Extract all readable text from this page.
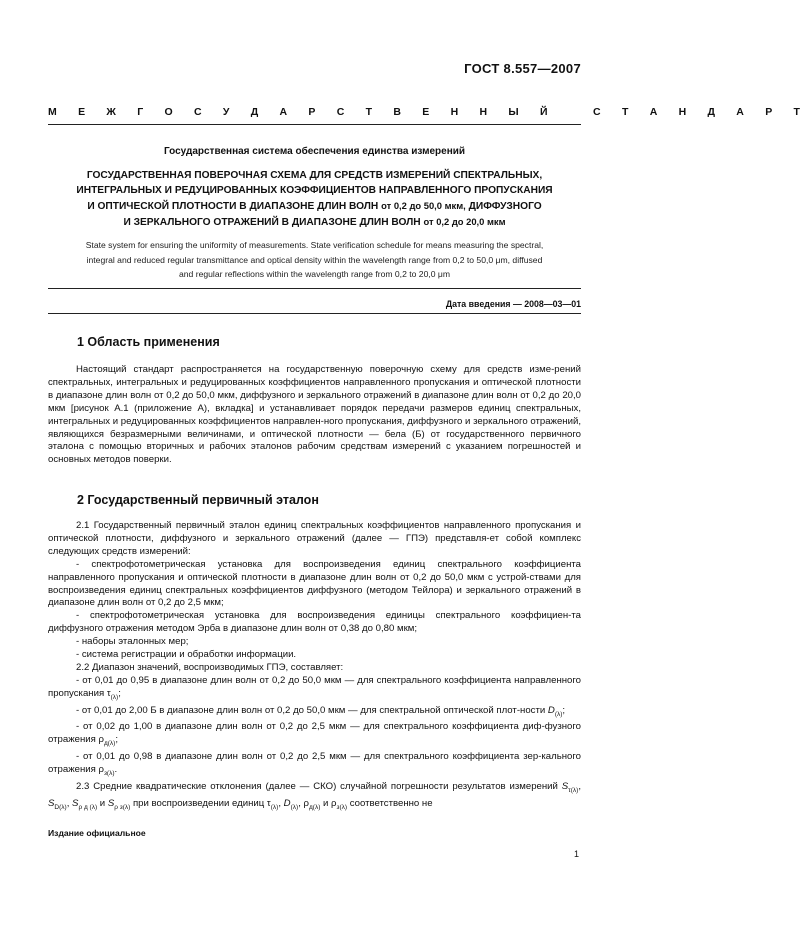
ГОСТ 8.557—2007
М Е Ж Г О С У Д А Р С Т В Е Н Н Ы Й   С Т А Н Д А Р Т
Государственная система обеспечения единства измерений
ГОСУДАРСТВЕННАЯ ПОВЕРОЧНАЯ СХЕМА ДЛЯ СРЕДСТВ ИЗМЕРЕНИЙ СПЕКТРАЛЬНЫХ,
ИНТЕГРАЛЬНЫХ И РЕДУЦИРОВАННЫХ КОЭФФИЦИЕНТОВ НАПРАВЛЕННОГО ПРОПУСКАНИЯ
И ОПТИЧЕСКОЙ ПЛОТНОСТИ В ДИАПАЗОНЕ ДЛИН ВОЛН от 0,2 до 50,0 мкм, ДИФФУЗНОГО
И ЗЕРКАЛЬНОГО ОТРАЖЕНИЙ В ДИАПАЗОНЕ ДЛИН ВОЛН от 0,2 до 20,0 мкм
State system for ensuring the uniformity of measurements. State verification schedule for means measuring the spectral,
integral and reduced regular transmittance and optical density within the wavelength range from 0,2 to 50,0 μm, diffused
and regular reflections within the wavelength range from 0,2 to 20,0 μm
Дата введения — 2008—03—01
1 Область применения

Настоящий стандарт распространяется на государственную поверочную схему для средств изме-рений спектральных, интегральных и редуцированных коэффициентов направленного пропускания и оптической плотности в диапазоне длин волн от 0,2 до 50,0 мкм, диффузного и зеркального отражений в диапазоне длин волн от 0,2 до 20,0 мкм [рисунок А.1 (приложение А), вкладка] и устанавливает порядок передачи размеров единиц спектральных, интегральных и редуцированных коэффициентов направлен-ного пропускания, диффузного и зеркального отражений, являющихся безразмерными величинами, и оптической плотности — бела (Б) от государственного первичного эталона с помощью вторичных и рабочих эталонов рабочим средствам измерений с указанием погрешностей и основных методов поверки.

2 Государственный первичный эталон

2.1 Государственный первичный эталон единиц спектральных коэффициентов направленного пропускания и оптической плотности, диффузного и зеркального отражений (далее — ГПЭ) представля-ет собой комплекс следующих средств измерений:

- спектрофотометрическая установка для воспроизведения единиц спектрального коэффициента направленного пропускания и оптической плотности в диапазоне длин волн от 0,2 до 50,0 мкм с устрой-ствами для воспроизведения единиц спектральных коэффициентов диффузного (методом Тейлора) и зеркального отражений в диапазоне длин волн от 0,2 до 2,5 мкм;

- спектрофотометрическая установка для воспроизведения единицы спектрального коэффициен-та диффузного отражения методом Эрба в диапазоне длин волн от 0,38 до 0,80 мкм;

- наборы эталонных мер;

- система регистрации и обработки информации.

2.2 Диапазон значений, воспроизводимых ГПЭ, составляет:

- от 0,01 до 0,95 в диапазоне длин волн от 0,2 до 50,0 мкм — для спектрального коэффициента направленного пропускания $\tau_{(\lambda)}$;

- от 0,01 до 2,00 Б в диапазоне длин волн от 0,2 до 50,0 мкм — для спектральной оптической плот-ности $D_{(\lambda)}$;

- от 0,02 до 1,00 в диапазоне длин волн от 0,2 до 2,5 мкм — для спектрального коэффициента диф-фузного отражения $\rho_{д(\lambda)}$;

- от 0,01 до 0,98 в диапазоне длин волн от 0,2 до 2,5 мкм — для спектрального коэффициента зер-кального отражения $\rho_{з(\lambda)}$.

2.3 Средние квадратические отклонения (далее — СКО) случайной погрешности результатов измерений $S_{\tau(\lambda)}$, $S_{D(\lambda)}$, $S_{\rho д (\lambda)}$ и $S_{\rho з(\lambda)}$ при воспроизведении единиц $\tau_{(\lambda)}$, $D_{(\lambda)}$, $\rho_{д(\lambda)}$ и $\rho_{з(\lambda)}$ соответственно не

Издание официальное
1
